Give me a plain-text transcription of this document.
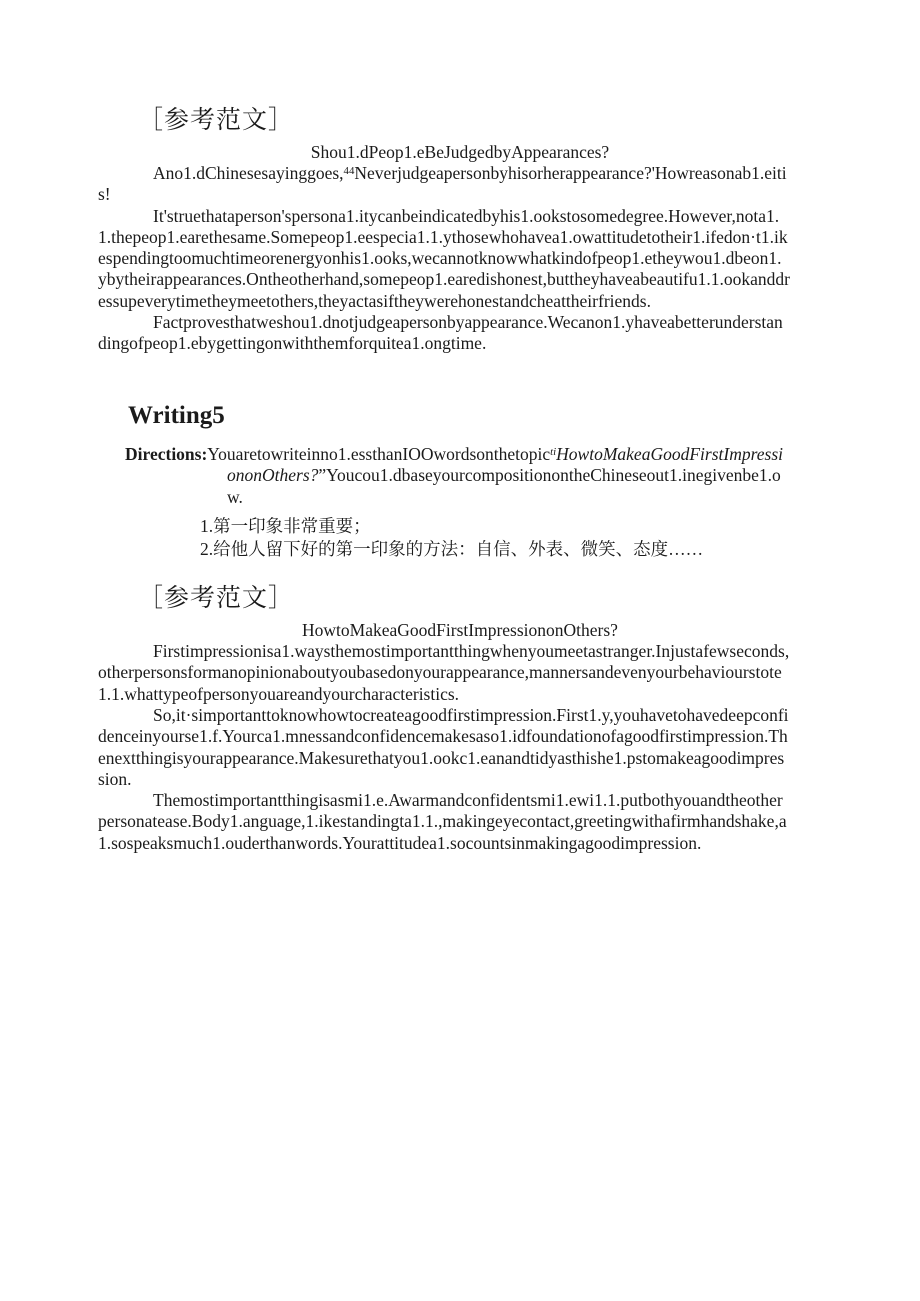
［参考范文］
Shou1.dPeop1.eBeJudgedbyAppearances?

Ano1.dChinesesayinggoes,$^{44}$Neverjudgeapersonbyhisorherappearance?'Howreasonab1.eitis!

It'struethataperson'spersona1.itycanbeindicatedbyhis1.ookstosomedegree.However,nota1.1.thepeop1.earethesame.Somepeop1.eespecia1.1.ythosewhohavea1.owattitudetotheir1.ifedon·t1.ikespendingtoomuchtimeorenergyonhis1.ooks,wecannotknowwhatkindofpeop1.etheywou1.dbeon1.ybytheirappearances.Ontheotherhand,somepeop1.earedishonest,buttheyhaveabeautifu1.1.ookanddressupeverytimetheymeetothers,theyactasiftheywerehonestandcheattheirfriends.

Factprovesthatweshou1.dnotjudgeapersonbyappearance.Wecanon1.yhaveabetterunderstandingofpeop1.ebygettingonwiththemforquitea1.ongtime.

Writing5

Directions:Youaretowriteinno1.essthanIOOwordsonthetopic$^{ti}$HowtoMakeaGoodFirstImpressiononOthers?”Youcou1.dbaseyourcompositionontheChineseout1.inegivenbe1.ow.

1.第一印象非常重要；
2.给他人留下好的第一印象的方法：自信、外表、微笑、态度……
［参考范文］
HowtoMakeaGoodFirstImpressiononOthers?

Firstimpressionisa1.waysthemostimportantthingwhenyoumeetastranger.Injustafewseconds,otherpersonsformanopinionaboutyoubasedonyourappearance,mannersandevenyourbehaviourstote1.1.whattypeofpersonyouareandyourcharacteristics.

So,it·simportanttoknowhowtocreateagoodfirstimpression.First1.y,youhavetohavedeepconfidenceinyourse1.f.Yourca1.mnessandconfidencemakesaso1.idfoundationofagoodfirstimpression.Thenextthingisyourappearance.Makesurethatyou1.ookc1.eanandtidyasthishe1.pstomakeagoodimpression.

Themostimportantthingisasmi1.e.Awarmandconfidentsmi1.ewi1.1.putbothyouandtheotherpersonatease.Body1.anguage,1.ikestandingta1.1.,makingeyecontact,greetingwithafirmhandshake,a1.sospeaksmuch1.ouderthanwords.Yourattitudea1.socountsinmakingagoodimpression.
